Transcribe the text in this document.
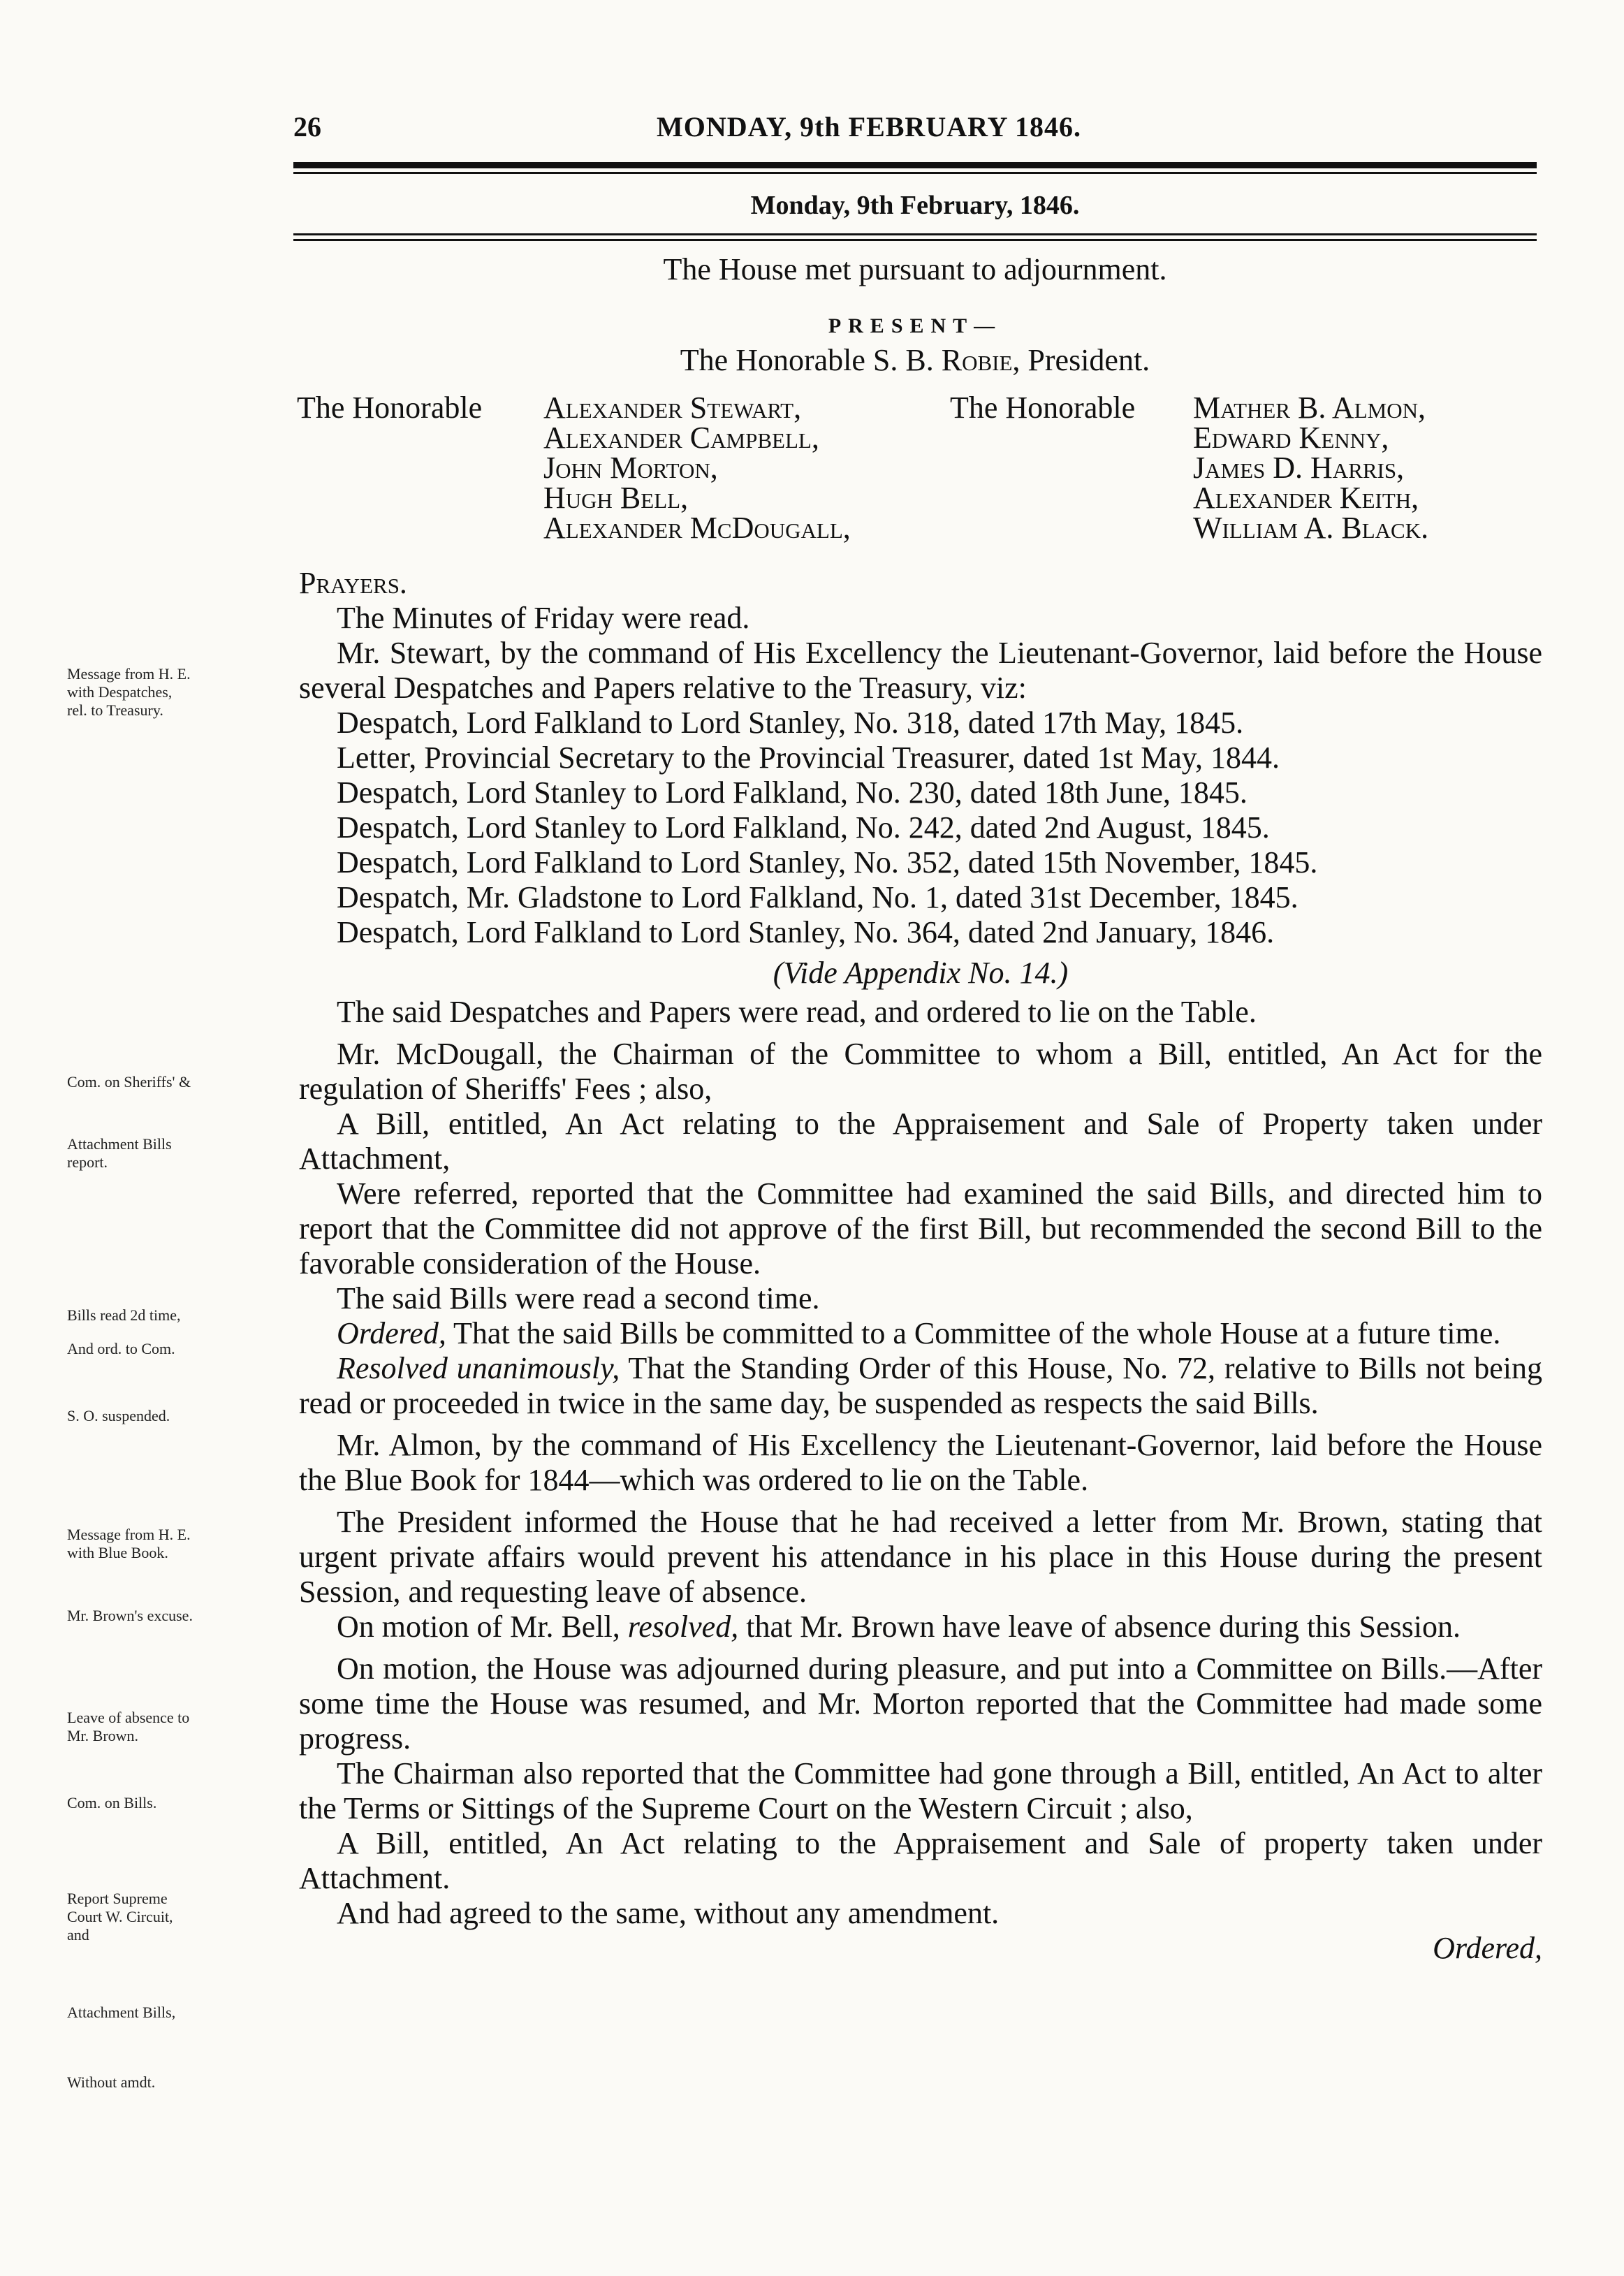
26	MONDAY, 9th FEBRUARY 1846.
Monday, 9th February, 1846.
The House met pursuant to adjournment.
PRESENT—
The Honorable S. B. Robie, President.
The Honorable Alexander Stewart,
Alexander Campbell,
John Morton,
Hugh Bell,
Alexander McDougall,
The Honorable Mather B. Almon,
Edward Kenny,
James D. Harris,
Alexander Keith,
William A. Black.

Prayers.

The Minutes of Friday were read.

Mr. Stewart, by the command of His Excellency the Lieutenant-Governor, laid before the House several Despatches and Papers relative to the Treasury, viz:

Despatch, Lord Falkland to Lord Stanley, No. 318, dated 17th May, 1845.

Letter, Provincial Secretary to the Provincial Treasurer, dated 1st May, 1844.

Despatch, Lord Stanley to Lord Falkland, No. 230, dated 18th June, 1845.

Despatch, Lord Stanley to Lord Falkland, No. 242, dated 2nd August, 1845.

Despatch, Lord Falkland to Lord Stanley, No. 352, dated 15th November, 1845.

Despatch, Mr. Gladstone to Lord Falkland, No. 1, dated 31st December, 1845.

Despatch, Lord Falkland to Lord Stanley, No. 364, dated 2nd January, 1846.

(Vide Appendix No. 14.)

The said Despatches and Papers were read, and ordered to lie on the Table.

Mr. McDougall, the Chairman of the Committee to whom a Bill, entitled, An Act for the regulation of Sheriffs' Fees ; also,

A Bill, entitled, An Act relating to the Appraisement and Sale of Property taken under Attachment,

Were referred, reported that the Committee had examined the said Bills, and directed him to report that the Committee did not approve of the first Bill, but recommended the second Bill to the favorable consideration of the House.

The said Bills were read a second time.

Ordered, That the said Bills be committed to a Committee of the whole House at a future time.

Resolved unanimously, That the Standing Order of this House, No. 72, relative to Bills not being read or proceeded in twice in the same day, be suspended as respects the said Bills.

Mr. Almon, by the command of His Excellency the Lieutenant-Governor, laid before the House the Blue Book for 1844—which was ordered to lie on the Table.

The President informed the House that he had received a letter from Mr. Brown, stating that urgent private affairs would prevent his attendance in his place in this House during the present Session, and requesting leave of absence.

On motion of Mr. Bell, resolved, that Mr. Brown have leave of absence during this Session.

On motion, the House was adjourned during pleasure, and put into a Committee on Bills.—After some time the House was resumed, and Mr. Morton reported that the Committee had made some progress.

The Chairman also reported that the Committee had gone through a Bill, entitled, An Act to alter the Terms or Sittings of the Supreme Court on the Western Circuit ; also,

A Bill, entitled, An Act relating to the Appraisement and Sale of property taken under Attachment.

And had agreed to the same, without any amendment.

Ordered,

Message from H. E.
with Despatches,
rel. to Treasury.
Com. on Sheriffs' &
Attachment Bills
report.
Bills read 2d time,
And ord. to Com.
S. O. suspended.
Message from H. E.
with Blue Book.
Mr. Brown's excuse.
Leave of absence to
Mr. Brown.
Com. on Bills.
Report Supreme
Court W. Circuit,
and
Attachment Bills,
Without amdt.
